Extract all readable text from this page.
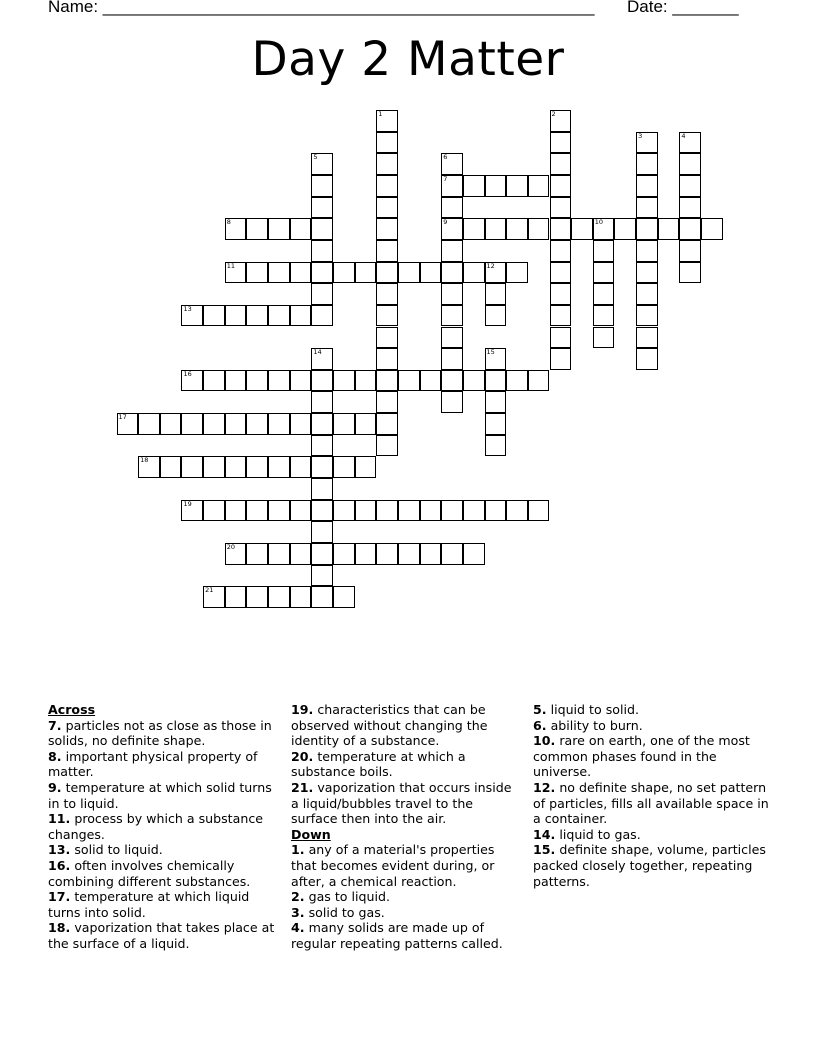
Name: ____________________________________________________ Date: _______
Day 2 Matter
7
8	9	10
11	12
13
16
17
18
19
20
21
1	2
3	4
5	6
14	15
Across

7. particles not as close as those in solids, no definite shape.

8. important physical property of matter.

9. temperature at which solid turns in to liquid.

11. process by which a substance changes.

13. solid to liquid.

16. often involves chemically combining different substances.

17. temperature at which liquid turns into solid.

18. vaporization that takes place at the surface of a liquid.

19. characteristics that can be observed without changing the identity of a substance.

20. temperature at which a substance boils.

21. vaporization that occurs inside a liquid/bubbles travel to the surface then into the air.

Down

1. any of a material's properties that becomes evident during, or after, a chemical reaction.

2. gas to liquid.

3. solid to gas.

4. many solids are made up of regular repeating patterns called.

5. liquid to solid.

6. ability to burn.

10. rare on earth, one of the most common phases found in the universe.

12. no definite shape, no set pattern of particles, fills all available space in a container.

14. liquid to gas.

15. definite shape, volume, particles packed closely together, repeating patterns.
